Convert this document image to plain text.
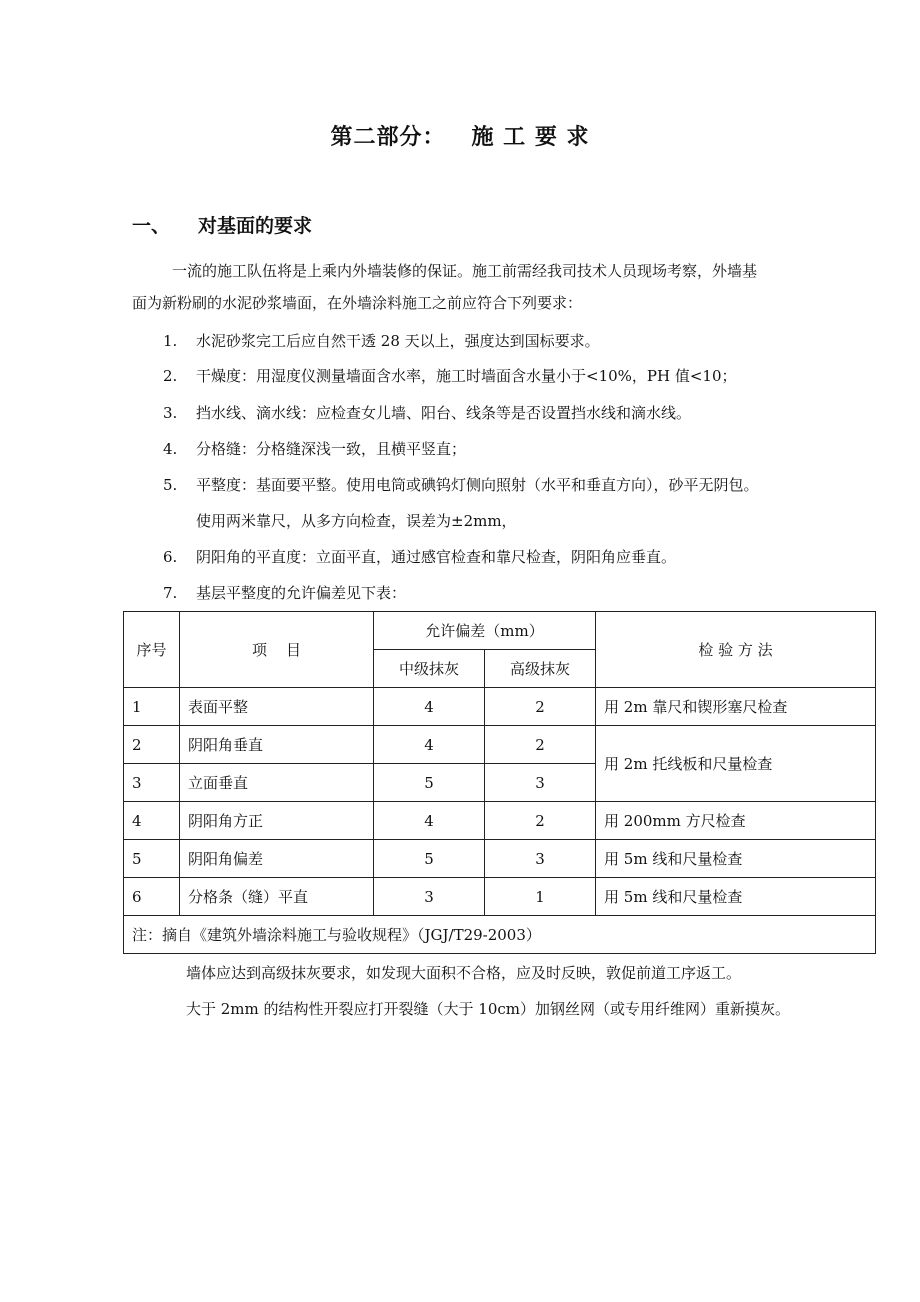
第二部分： 施 工 要 求
一、 对基面的要求
一流的施工队伍将是上乘内外墙装修的保证。施工前需经我司技术人员现场考察，外墙基
面为新粉刷的水泥砂浆墙面，在外墙涂料施工之前应符合下列要求：
1. 水泥砂浆完工后应自然干透 28 天以上，强度达到国标要求。
2. 干燥度：用湿度仪测量墙面含水率，施工时墙面含水量小于<10%，PH 值<10；
3. 挡水线、滴水线：应检查女儿墙、阳台、线条等是否设置挡水线和滴水线。
4. 分格缝：分格缝深浅一致，且横平竖直；
5. 平整度：基面要平整。使用电筒或碘钨灯侧向照射（水平和垂直方向），砂平无阴包。
使用两米靠尺，从多方向检查，误差为±2mm，
6. 阴阳角的平直度：立面平直，通过感官检查和靠尺检查，阴阳角应垂直。
7. 基层平整度的允许偏差见下表：
序号	项    目	允许偏差（mm）		检 验 方 法
		中级抹灰	高级抹灰	
1	表面平整	4	2	用 2m 靠尺和锲形塞尺检查
2	阴阳角垂直	4	2	用 2m 托线板和尺量检查
3	立面垂直	5	3	
4	阴阳角方正	4	2	用 200mm 方尺检查
5	阴阳角偏差	5	3	用 5m 线和尺量检查
6	分格条（缝）平直	3	1	用 5m 线和尺量检查
注：摘自《建筑外墙涂料施工与验收规程》（JGJ/T29-2003）				
墙体应达到高级抹灰要求，如发现大面积不合格，应及时反映，敦促前道工序返工。
大于 2mm 的结构性开裂应打开裂缝（大于 10cm）加钢丝网（或专用纤维网）重新摸灰。
